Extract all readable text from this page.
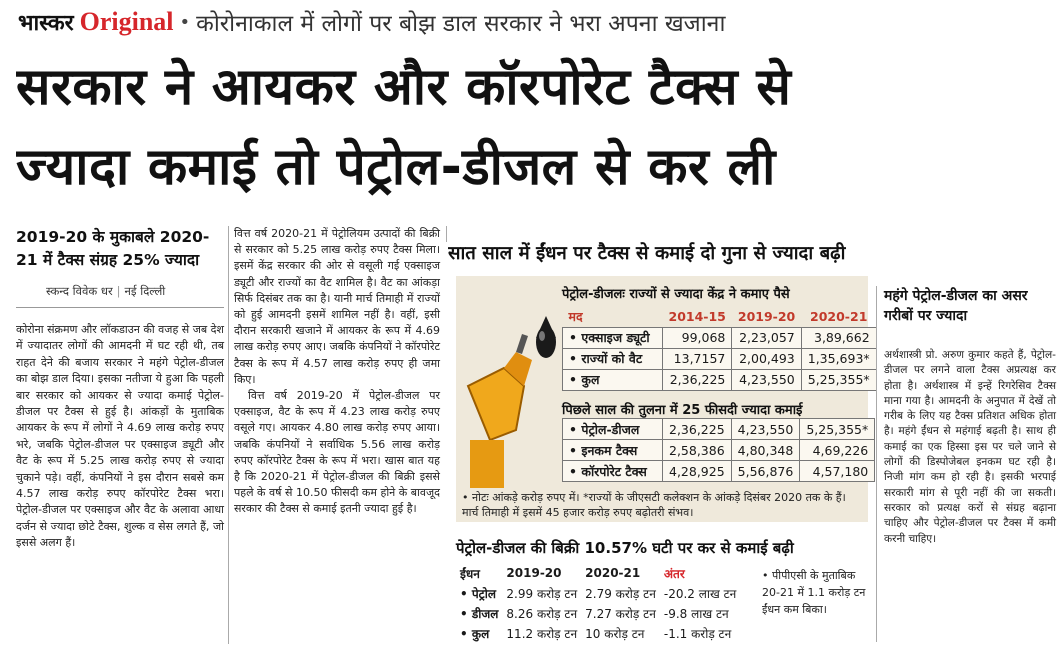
भास्कर Original • कोरोनाकाल में लोगों पर बोझ डाल सरकार ने भरा अपना खजाना
सरकार ने आयकर और कॉरपोरेट टैक्स से
ज्यादा कमाई तो पेट्रोल-डीजल से कर ली
2019-20 के मुकाबले 2020-21 में टैक्स संग्रह 25% ज्यादा
स्कन्द विवेक धर | नई दिल्ली

कोरोना संक्रमण और लॉकडाउन की वजह से जब देश में ज्यादातर लोगों की आमदनी में घट रही थी, तब राहत देने की बजाय सरकार ने महंगे पेट्रोल-डीजल का बोझ डाल दिया। इसका नतीजा ये हुआ कि पहली बार सरकार को आयकर से ज्यादा कमाई पेट्रोल-डीजल पर टैक्स से हुई है। आंकड़ों के मुताबिक आयकर के रूप में लोगों ने 4.69 लाख करोड़ रुपए भरे, जबकि पेट्रोल-डीजल पर एक्साइज ड्यूटी और वैट के रूप में 5.25 लाख करोड़ रुपए से ज्यादा चुकाने पड़े। वहीं, कंपनियों ने इस दौरान सबसे कम 4.57 लाख करोड़ रुपए कॉरपोरेट टैक्स भरा। पेट्रोल-डीजल पर एक्साइज और वैट के अलावा आधा दर्जन से ज्यादा छोटे टैक्स, शुल्क व सेस लगते हैं, जो इससे अलग हैं।

वित्त वर्ष 2020-21 में पेट्रोलियम उत्पादों की बिक्री से सरकार को 5.25 लाख करोड़ रुपए टैक्स मिला। इसमें केंद्र सरकार की ओर से वसूली गई एक्साइज ड्यूटी और राज्यों का वैट शामिल है। वैट का आंकड़ा सिर्फ दिसंबर तक का है। यानी मार्च तिमाही में राज्यों को हुई आमदनी इसमें शामिल नहीं है। वहीं, इसी दौरान सरकारी खजाने में आयकर के रूप में 4.69 लाख करोड़ रुपए आए। जबकि कंपनियों ने कॉरपोरेट टैक्स के रूप में 4.57 लाख करोड़ रुपए ही जमा किए।

वित्त वर्ष 2019-20 में पेट्रोल-डीजल पर एक्साइज, वैट के रूप में 4.23 लाख करोड़ रुपए वसूले गए। आयकर 4.80 लाख करोड़ रुपए आया। जबकि कंपनियों ने सर्वाधिक 5.56 लाख करोड़ रुपए कॉरपोरेट टैक्स के रूप में भरा। खास बात यह है कि 2020-21 में पेट्रोल-डीजल की बिक्री इससे पहले के वर्ष से 10.50 फीसदी कम होने के बावजूद सरकार की टैक्स से कमाई इतनी ज्यादा हुई है।

सात साल में ईंधन पर टैक्स से कमाई दो गुना से ज्यादा बढ़ी
पेट्रोल-डीजलः राज्यों से ज्यादा केंद्र ने कमाए पैसे
मद	2014-15	2019-20	2020-21
• एक्साइज ड्यूटी	99,068	2,23,057	3,89,662
• राज्यों को वैट	13,7157	2,00,493	1,35,693*
• कुल	2,36,225	4,23,550	5,25,355*
पिछले साल की तुलना में 25 फीसदी ज्यादा कमाई
• पेट्रोल-डीजल	2,36,225	4,23,550	5,25,355*
• इनकम टैक्स	2,58,386	4,80,348	4,69,226
• कॉरपोरेट टैक्स	4,28,925	5,56,876	4,57,180
• नोटः आंकड़े करोड़ रुपए में। *राज्यों के जीएसटी कलेक्शन के आंकड़े दिसंबर 2020 तक के हैं। मार्च तिमाही में इसमें 45 हजार करोड़ रुपए बढ़ोतरी संभव।
पेट्रोल-डीजल की बिक्री 10.57% घटी पर कर से कमाई बढ़ी
ईंधन	2019-20	2020-21	अंतर
• पेट्रोल	2.99 करोड़ टन	2.79 करोड़ टन	-20.2 लाख टन
• डीजल	8.26 करोड़ टन	7.27 करोड़ टन	-9.8 लाख टन
• कुल	11.2 करोड़ टन	10 करोड़ टन	-1.1 करोड़ टन
• पीपीएसी के मुताबिक 20-21 में 1.1 करोड़ टन ईंधन कम बिका।
महंगे पेट्रोल-डीजल का असर गरीबों पर ज्यादा

अर्थशास्त्री प्रो. अरुण कुमार कहते हैं, पेट्रोल-डीजल पर लगने वाला टैक्स अप्रत्यक्ष कर होता है। अर्थशास्त्र में इन्हें रिगरेसिव टैक्स माना गया है। आमदनी के अनुपात में देखें तो गरीब के लिए यह टैक्स प्रतिशत अधिक होता है। महंगे ईंधन से महंगाई बढ़ती है। साथ ही कमाई का एक हिस्सा इस पर चले जाने से लोगों की डिस्पोजेबल इनकम घट रही है। निजी मांग कम हो रही है। इसकी भरपाई सरकारी मांग से पूरी नहीं की जा सकती। सरकार को प्रत्यक्ष करों से संग्रह बढ़ाना चाहिए और पेट्रोल-डीजल पर टैक्स में कमी करनी चाहिए।
